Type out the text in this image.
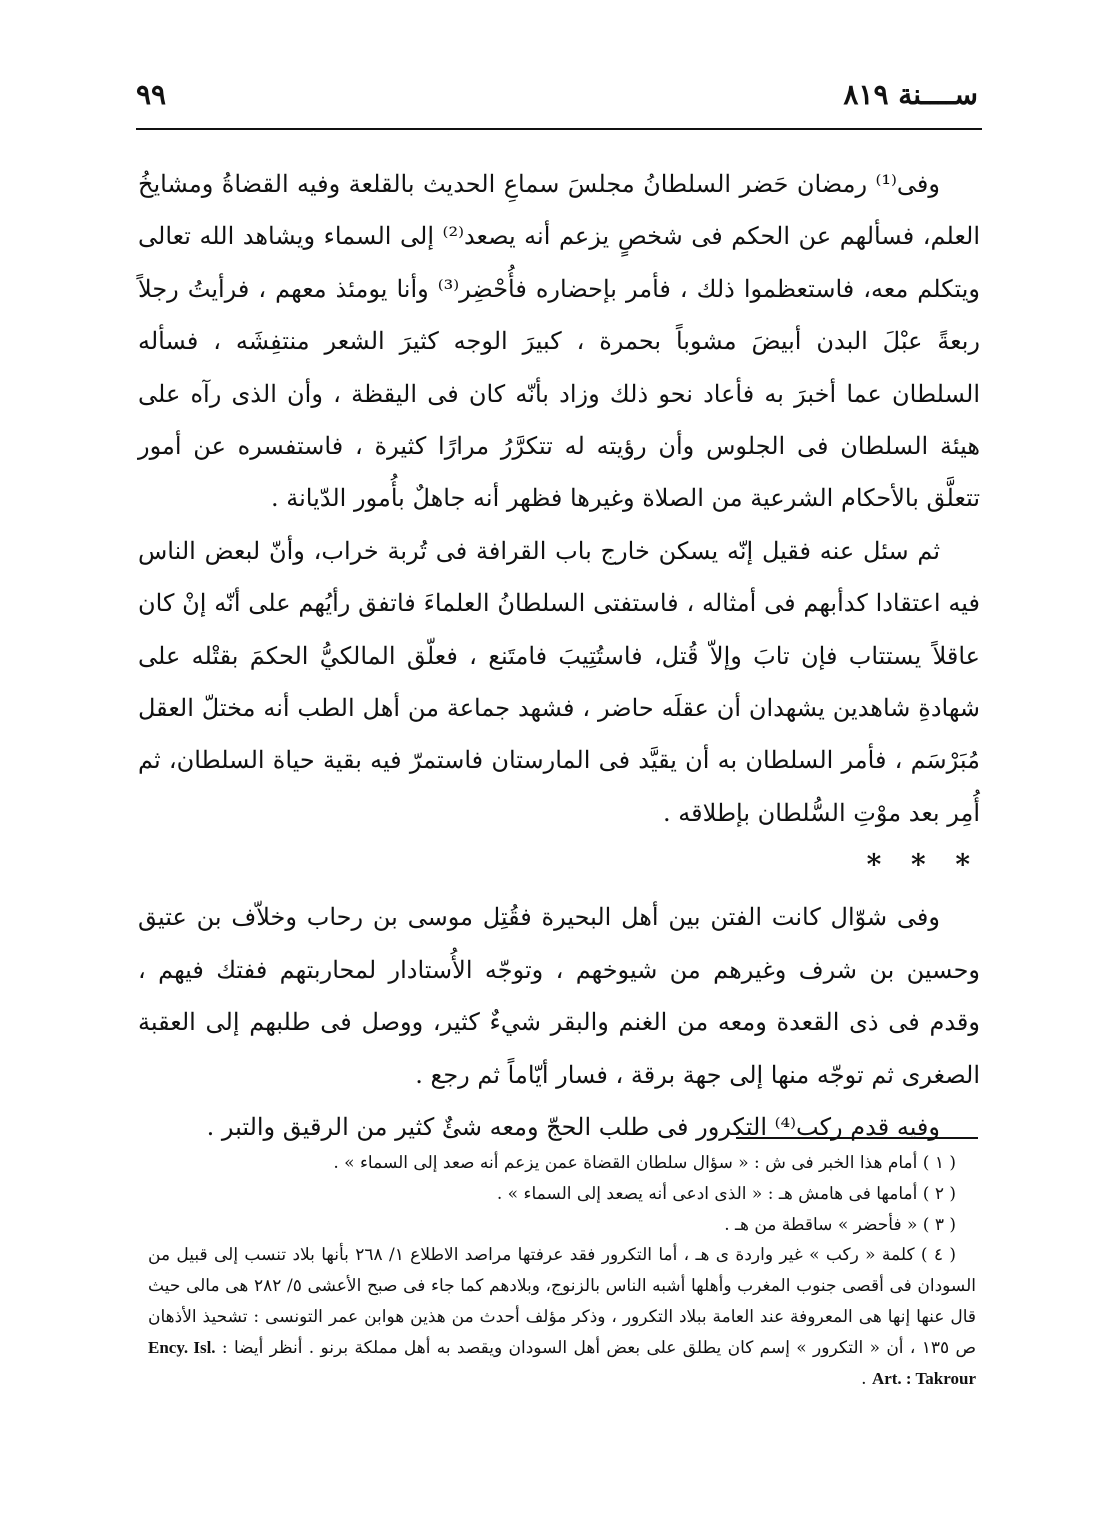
ســــنة ٨١٩
٩٩

وفى⁽¹⁾ رمضان حَضر السلطانُ مجلسَ سماعِ الحديث بالقلعة وفيه القضاةُ ومشايخُ العلم، فسألهم عن الحكم فى شخصٍ يزعم أنه يصعد⁽²⁾ إلى السماء ويشاهد الله تعالى ويتكلم معه، فاستعظموا ذلك ، فأمر بإحضاره فأُحْضِر⁽³⁾ وأنا يومئذ معهم ، فرأيتُ رجلاً ربعةً عبْلَ البدن أبيضَ مشوباً بحمرة ، كبيرَ الوجه كثيرَ الشعر منتفِشَه ، فسأله السلطان عما أخبرَ به فأعاد نحو ذلك وزاد بأنّه كان فى اليقظة ، وأن الذى رآه على هيئة السلطان فى الجلوس وأن رؤيته له تتكرَّرُ مرارًا كثيرة ، فاستفسره عن أمور تتعلَّق بالأحكام الشرعية من الصلاة وغيرها فظهر أنه جاهلٌ بأُمور الدّيانة .

ثم سئل عنه فقيل إنّه يسكن خارج باب القرافة فى تُربة خراب، وأنّ لبعض الناس فيه اعتقادا كدأبهم فى أمثاله ، فاستفتى السلطانُ العلماءَ فاتفق رأيُهم على أنّه إنْ كان عاقلاً يستتاب فإن تابَ وإلاّ قُتل، فاستُتِيبَ فامتَنع ، فعلّق المالكيُّ الحكمَ بقتْله على شهادةِ شاهدين يشهدان أن عقلَه حاضر ، فشهد جماعة من أهل الطب أنه مختلّ العقل مُبَرْسَم ، فأمر السلطان به أن يقيَّد فى المارستان فاستمرّ فيه بقية حياة السلطان، ثم أُمِر بعد موْتِ السُّلطان بإطلاقه .

* * *

وفى شوّال كانت الفتن بين أهل البحيرة فقُتِل موسى بن رحاب وخلاّف بن عتيق وحسين بن شرف وغيرهم من شيوخهم ، وتوجّه الأُستادار لمحاربتهم ففتك فيهم ، وقدم فى ذى القعدة ومعه من الغنم والبقر شيءٌ كثير، ووصل فى طلبهم إلى العقبة الصغرى ثم توجّه منها إلى جهة برقة ، فسار أيّاماً ثم رجع .

وفيه قدم ركب⁽⁴⁾ التكرور فى طلب الحجّ ومعه شئٌ كثير من الرقيق والتبر .

( ١ ) أمام هذا الخبر فى ش : « سؤال سلطان القضاة عمن يزعم أنه صعد إلى السماء » .

( ٢ ) أمامها فى هامش هـ : « الذى ادعى أنه يصعد إلى السماء » .

( ٣ ) « فأحضر » ساقطة من هـ .

( ٤ ) كلمة « ركب » غير واردة ى هـ ، أما التكرور فقد عرفتها مراصد الاطلاع ١/ ٢٦٨ بأنها بلاد تنسب إلى قبيل من السودان فى أقصى جنوب المغرب وأهلها أشبه الناس بالزنوج، وبلادهم كما جاء فى صبح الأعشى ٥/ ٢٨٢ هى مالى حيث قال عنها إنها هى المعروفة عند العامة ببلاد التكرور ، وذكر مؤلف أحدث من هذين هوابن عمر التونسى : تشحيذ الأذهان ص ١٣٥ ، أن « التكرور » إسم كان يطلق على بعض أهل السودان ويقصد به أهل مملكة برنو . أنظر أيضا : Ency. Isl. Art. : Takrour .
